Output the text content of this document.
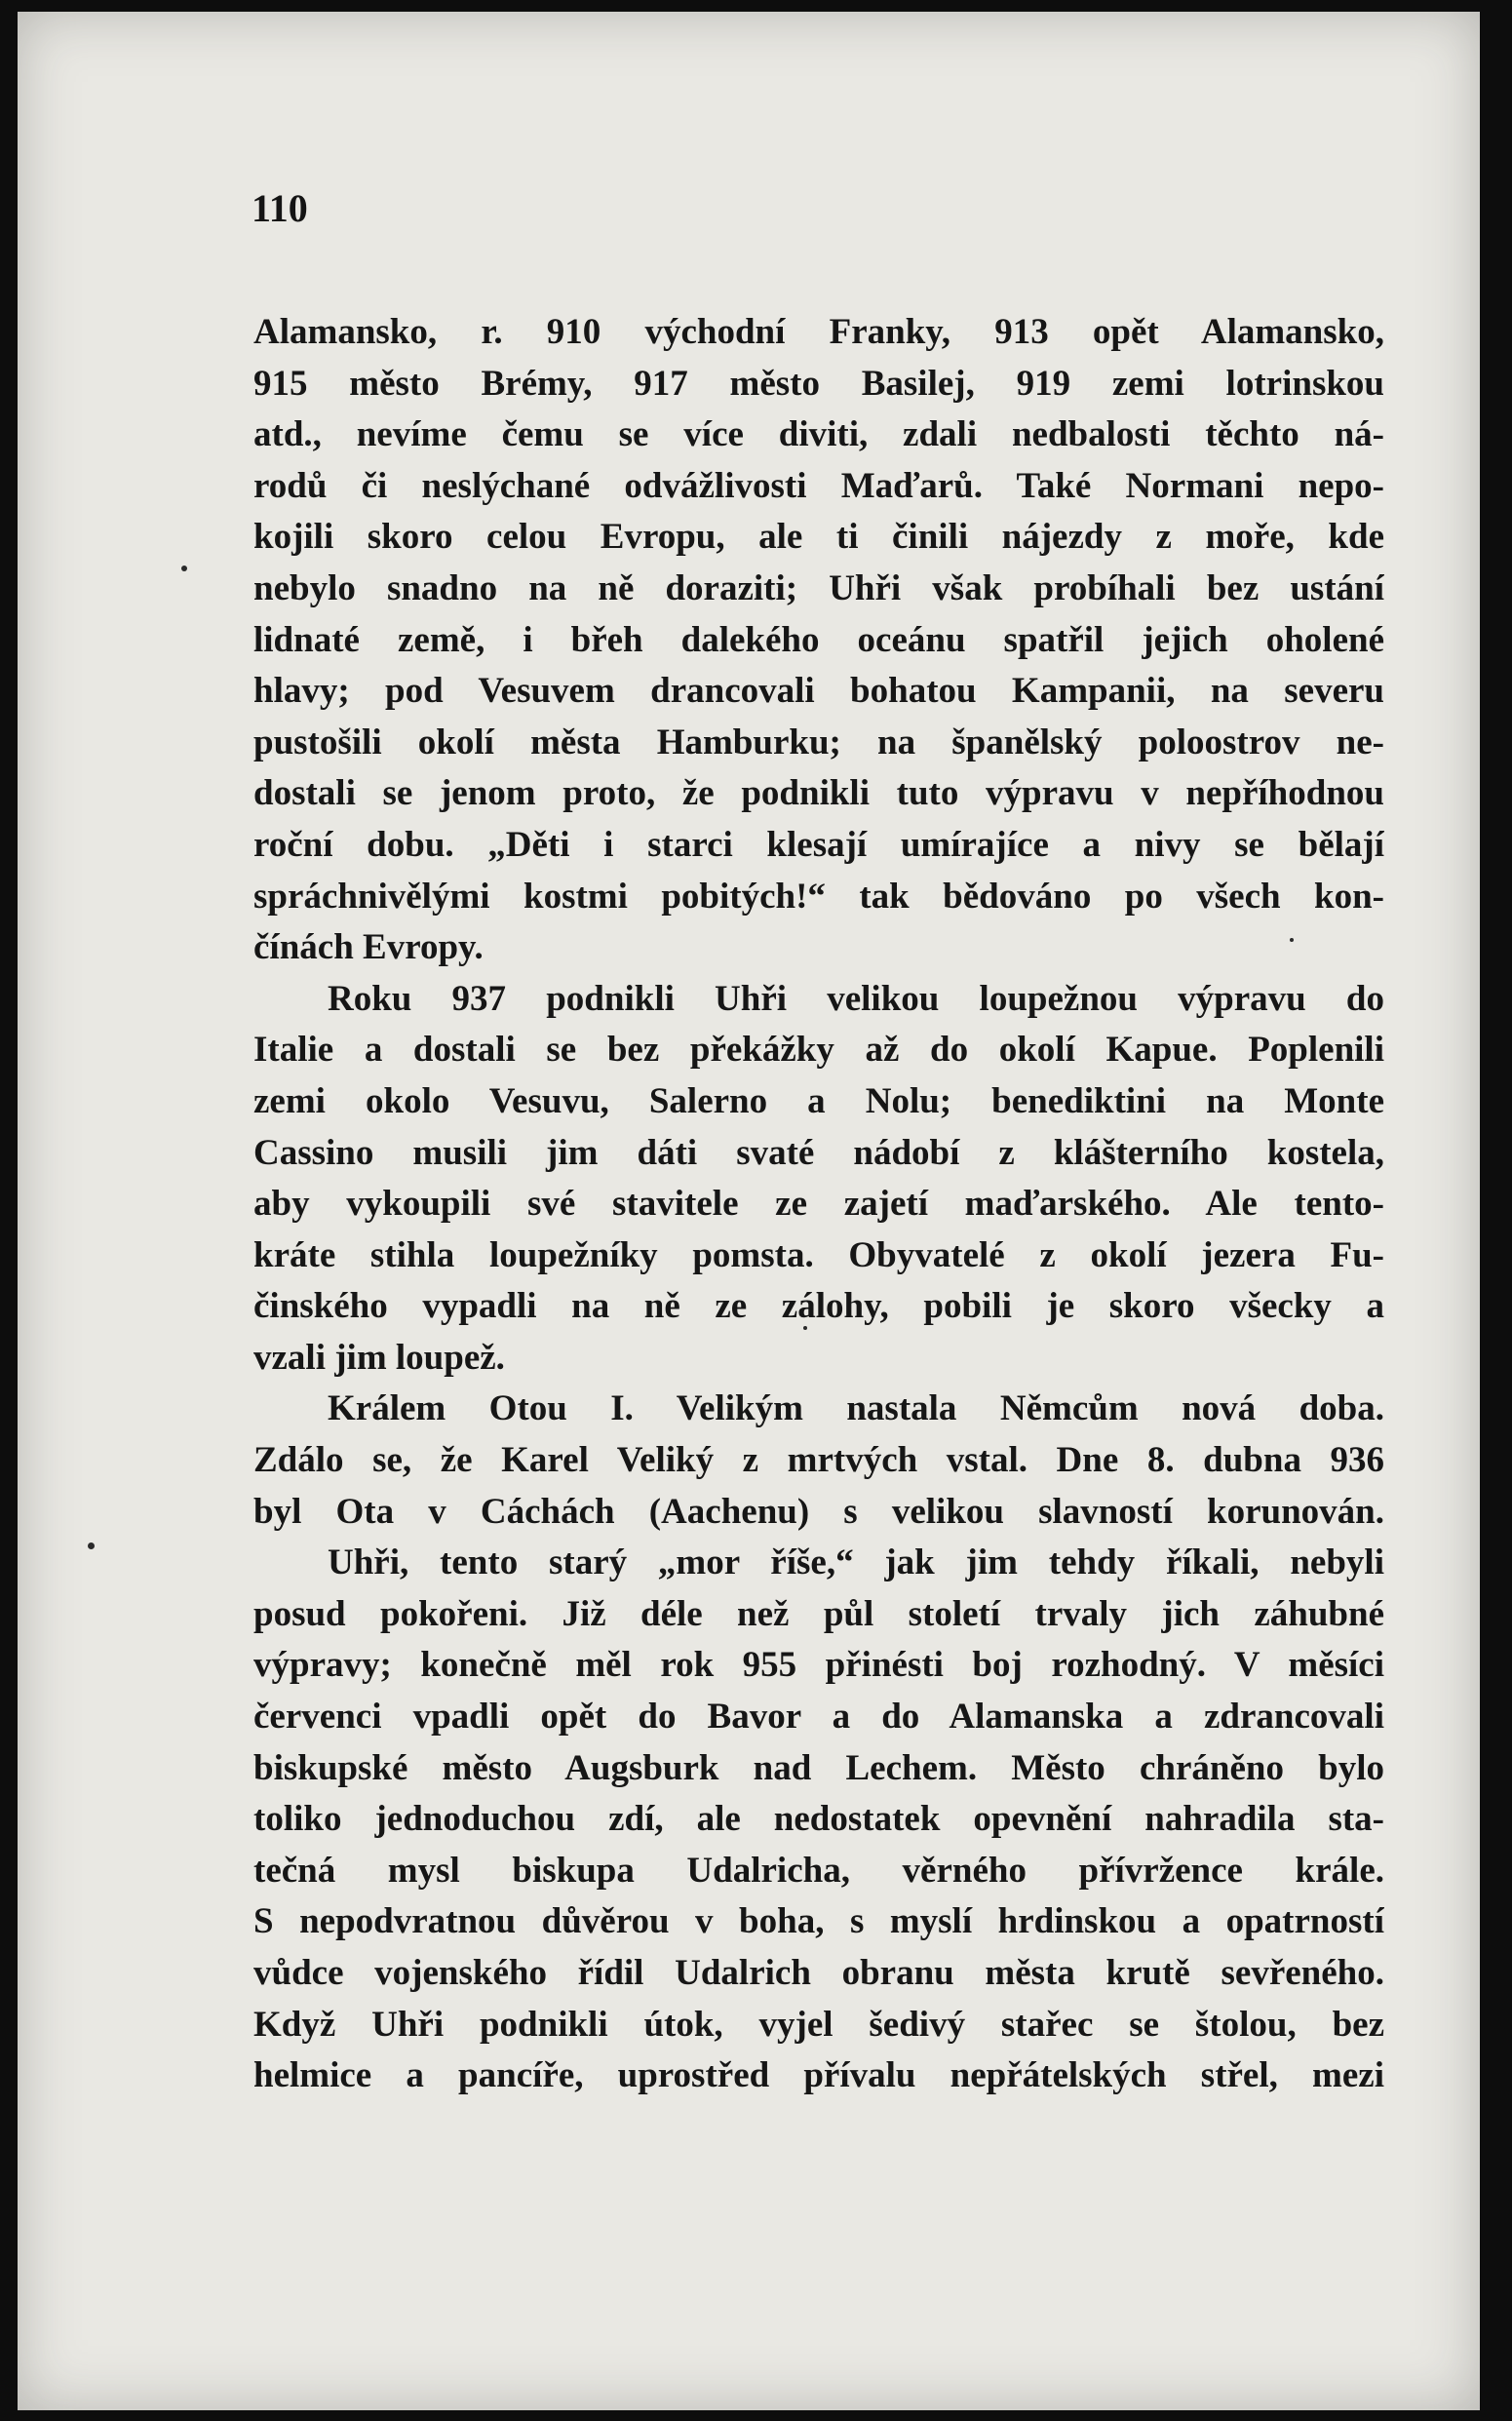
110
Alamansko, r. 910 východní Franky, 913 opět Alamansko,
915 město Brémy, 917 město Basilej, 919 zemi lotrinskou
atd., nevíme čemu se více diviti, zdali nedbalosti těchto ná-
rodů či neslýchané odvážlivosti Maďarů. Také Normani nepo-
kojili skoro celou Evropu, ale ti činili nájezdy z moře, kde
nebylo snadno na ně doraziti; Uhři však probíhali bez ustání
lidnaté země, i břeh dalekého oceánu spatřil jejich oholené
hlavy; pod Vesuvem drancovali bohatou Kampanii, na severu
pustošili okolí města Hamburku; na španělský poloostrov ne-
dostali se jenom proto, že podnikli tuto výpravu v nepříhodnou
roční dobu. „Děti i starci klesají umírajíce a nivy se bělají
spráchnivělými kostmi pobitých!“ tak bědováno po všech kon-
čínách Evropy.
Roku 937 podnikli Uhři velikou loupežnou výpravu do
Italie a dostali se bez překážky až do okolí Kapue. Poplenili
zemi okolo Vesuvu, Salerno a Nolu; benediktini na Monte
Cassino musili jim dáti svaté nádobí z klášterního kostela,
aby vykoupili své stavitele ze zajetí maďarského. Ale tento-
kráte stihla loupežníky pomsta. Obyvatelé z okolí jezera Fu-
činského vypadli na ně ze zálohy, pobili je skoro všecky a
vzali jim loupež.
Králem Otou I. Velikým nastala Němcům nová doba.
Zdálo se, že Karel Veliký z mrtvých vstal. Dne 8. dubna 936
byl Ota v Cáchách (Aachenu) s velikou slavností korunován.
Uhři, tento starý „mor říše,“ jak jim tehdy říkali, nebyli
posud pokořeni. Již déle než půl století trvaly jich záhubné
výpravy; konečně měl rok 955 přinésti boj rozhodný. V měsíci
červenci vpadli opět do Bavor a do Alamanska a zdrancovali
biskupské město Augsburk nad Lechem. Město chráněno bylo
toliko jednoduchou zdí, ale nedostatek opevnění nahradila sta-
tečná mysl biskupa Udalricha, věrného přívržence krále.
S nepodvratnou důvěrou v boha, s myslí hrdinskou a opatrností
vůdce vojenského řídil Udalrich obranu města krutě sevřeného.
Když Uhři podnikli útok, vyjel šedivý stařec se štolou, bez
helmice a pancíře, uprostřed přívalu nepřátelských střel, mezi
